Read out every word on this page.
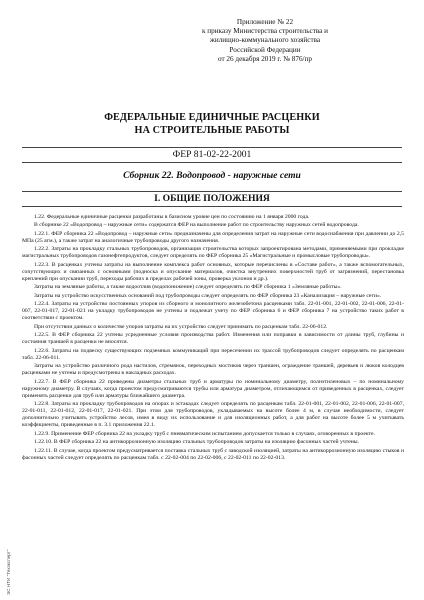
Приложение № 22
к приказу Министерства строительства и
жилищно-коммунального хозяйства
Российской Федерации
от 26 декабря 2019 г. № 876/пр
ФЕДЕРАЛЬНЫЕ ЕДИНИЧНЫЕ РАСЦЕНКИ
НА СТРОИТЕЛЬНЫЕ РАБОТЫ
ФЕР 81-02-22-2001
Сборник 22. Водопровод - наружные сети
I. ОБЩИЕ ПОЛОЖЕНИЯ

1.22. Федеральные единичные расценки разработаны в базисном уровне цен по состоянию на 1 января 2000 года.

В сборнике 22 «Водопровод – наружные сети» содержатся ФЕР на выполнение работ по строительству наружных сетей водопровода.

1.22.1. ФЕР сборника 22 «Водопровод – наружные сети» предназначены для определения затрат на наружные сети водоснабжения при давлении до 2,5 МПа (25 атм.), а также затрат на аналогичные трубопроводы другого назначения.

1.22.2. Затраты на прокладку стальных трубопроводов, организация строительства которых запроектирована методами, применяемыми при прокладке магистральных трубопроводов газонефтепродуктов, следует определять по ФЕР сборника 25 «Магистральные и промысловые трубопроводы».

1.22.3. В расценках учтены затраты на выполнение комплекса работ основных, которые перечислены в «Составе работ», а также вспомогательных, сопутствующих и связанных с основными (подноска и опускание материалов, очистка внутренних поверхностей труб от загрязнений, перестановка креплений при опускании труб, переходы рабочих в пределах рабочей зоны, проверка уклонов и др.).

Затраты на земляные работы, а также водоотлив (водопонижение) следует определять по ФЕР сборника 1 «Земляные работы».

Затраты на устройство искусственных оснований под трубопроводы следует определять по ФЕР сборника 23 «Канализация – наружные сети».

1.22.4. Затраты на устройство постоянных упоров из сборного и монолитного железобетона расценками табл. 22-01-001, 22-01-002, 22-01-006, 22-01-007, 22-01-017, 22-01-021 на укладку трубопроводов не учтены и подлежат учету по ФЕР сборника 6 и ФЕР сборника 7 на устройство таких работ в соответствии с проектом.

При отсутствии данных о количестве упоров затраты на их устройство следует принимать по расценкам табл. 22-06-012.

1.22.5. В ФЕР сборника 22 учтены усредненные условия производства работ. Изменения или поправки в зависимости от длины труб, глубины и состояния траншей в расценки не вносятся.

1.22.6. Затраты на подвеску существующих подземных коммуникаций при пересечении их трассой трубопроводов следует определять по расценкам табл. 22-06-011.

Затраты на устройство различного рода настилов, стремянок, переходных мостиков через траншеи, ограждение траншей, деревьев и люков колодцев расценками не учтены и предусмотрены в накладных расходах.

1.22.7. В ФЕР сборника 22 приведены диаметры стальных труб и арматуры по номинальному диаметру, полиэтиленовых – по номинальному наружному диаметру. В случаях, когда проектом предусматриваются трубы или арматура диаметром, отличающимся от приведенных в расценках, следует применять расценки для труб или арматуры ближайшего диаметра.

1.22.8. Затраты на прокладку трубопроводов на опорах и эстакадах следует определять по расценкам табл. 22-01-001, 22-01-002, 22-01-006, 22-01-007, 22-01-011, 22-01-012, 22-01-017, 22-01-021. При этом для трубопроводов, укладываемых на высоте более 4 м, в случае необходимости, следует дополнительно учитывать устройство лесов, имея в виду их использование и для изоляционных работ, а для работ на высоте более 5 м учитывать коэффициенты, приведенные в п. 3.1 приложения 22.1.

1.22.9. Применение ФЕР сборника 22 на укладку труб с пневматическим испытанием допускается только в случаях, оговоренных в проекте.

1.22.10. В ФЕР сборника 22 на антикоррозионную изоляцию стальных трубопроводов затраты на изоляцию фасонных частей учтены.

1.22.11. В случае, когда проектом предусматривается поставка стальных труб с заводской изоляцией, затраты на антикоррозионную изоляцию стыков и фасонных частей следует определять по расценкам табл. с 22-02-004 по 22-02-006, с 22-02-011 по 22-02-013.

ЭС НТИ "Техэксперт"
